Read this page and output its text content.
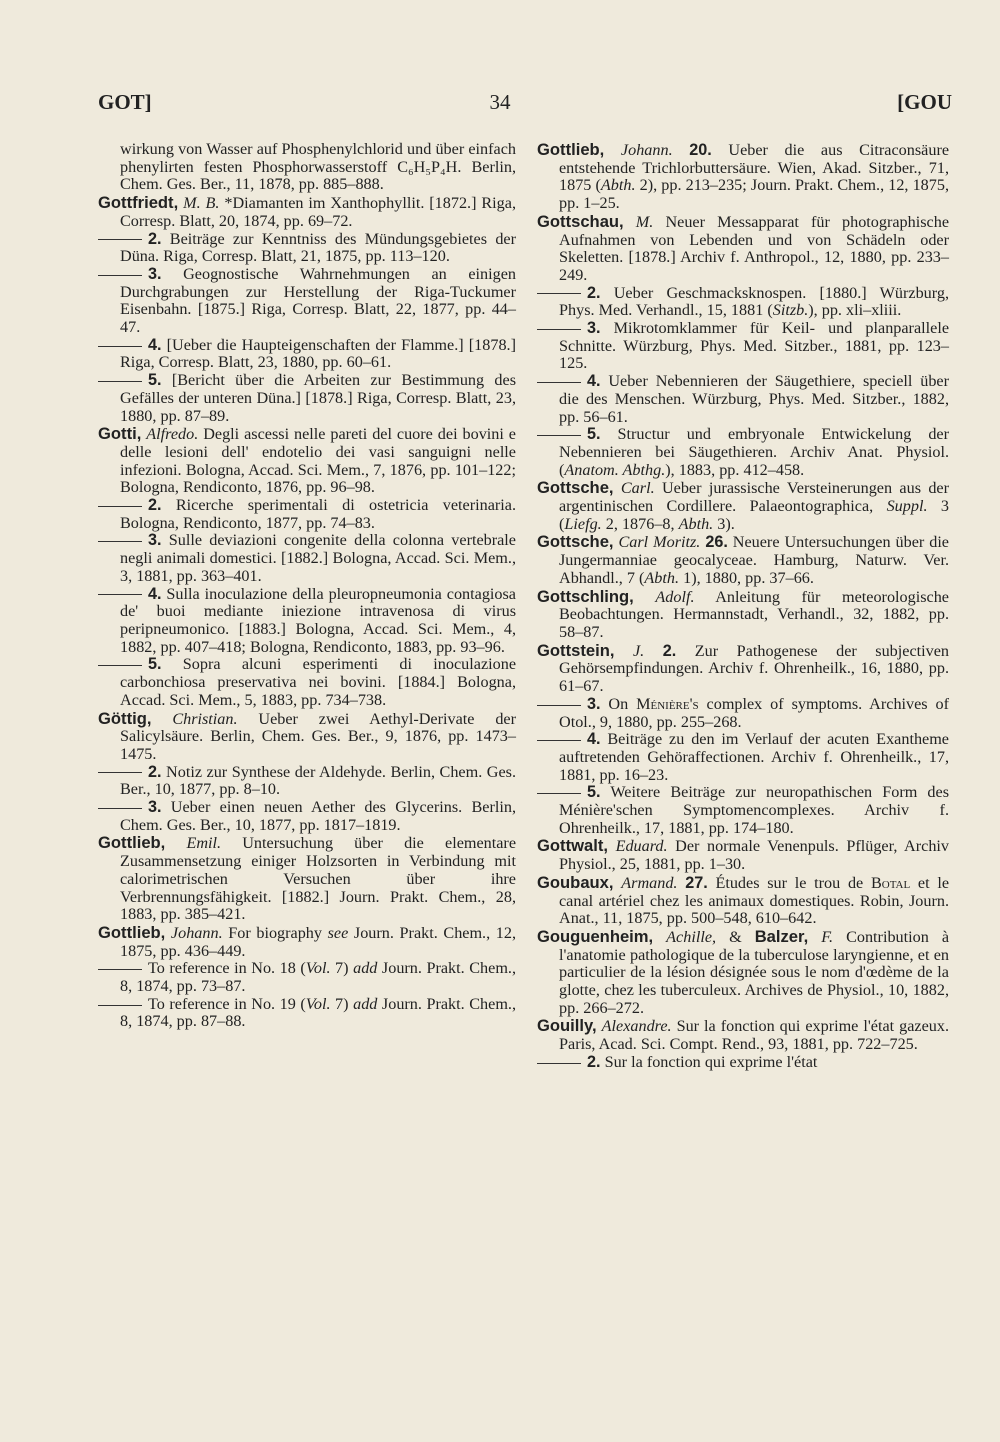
GOT]	34	[GOU

wirkung von Wasser auf Phosphenylchlorid und über einfach phenylirten festen Phosphorwasserstoff C₆H₅P₄H. Berlin, Chem. Ges. Ber., 11, 1878, pp. 885–888.

Gottfriedt, M. B. *Diamanten im Xanthophyllit. [1872.] Riga, Corresp. Blatt, 20, 1874, pp. 69–72.

2. Beiträge zur Kenntniss des Mündungsgebietes der Düna. Riga, Corresp. Blatt, 21, 1875, pp. 113–120.

3. Geognostische Wahrnehmungen an einigen Durchgrabungen zur Herstellung der Riga-Tuckumer Eisenbahn. [1875.] Riga, Corresp. Blatt, 22, 1877, pp. 44–47.

4. [Ueber die Haupteigenschaften der Flamme.] [1878.] Riga, Corresp. Blatt, 23, 1880, pp. 60–61.

5. [Bericht über die Arbeiten zur Bestimmung des Gefälles der unteren Düna.] [1878.] Riga, Corresp. Blatt, 23, 1880, pp. 87–89.

Gotti, Alfredo. Degli ascessi nelle pareti del cuore dei bovini e delle lesioni dell' endotelio dei vasi sanguigni nelle infezioni. Bologna, Accad. Sci. Mem., 7, 1876, pp. 101–122; Bologna, Rendiconto, 1876, pp. 96–98.

2. Ricerche sperimentali di ostetricia veterinaria. Bologna, Rendiconto, 1877, pp. 74–83.

3. Sulle deviazioni congenite della colonna vertebrale negli animali domestici. [1882.] Bologna, Accad. Sci. Mem., 3, 1881, pp. 363–401.

4. Sulla inoculazione della pleuropneumonia contagiosa de' buoi mediante iniezione intravenosa di virus peripneumonico. [1883.] Bologna, Accad. Sci. Mem., 4, 1882, pp. 407–418; Bologna, Rendiconto, 1883, pp. 93–96.

5. Sopra alcuni esperimenti di inoculazione carbonchiosa preservativa nei bovini. [1884.] Bologna, Accad. Sci. Mem., 5, 1883, pp. 734–738.

Göttig, Christian. Ueber zwei Aethyl-Derivate der Salicylsäure. Berlin, Chem. Ges. Ber., 9, 1876, pp. 1473–1475.

2. Notiz zur Synthese der Aldehyde. Berlin, Chem. Ges. Ber., 10, 1877, pp. 8–10.

3. Ueber einen neuen Aether des Glycerins. Berlin, Chem. Ges. Ber., 10, 1877, pp. 1817–1819.

Gottlieb, Emil. Untersuchung über die elementare Zusammensetzung einiger Holzsorten in Verbindung mit calorimetrischen Versuchen über ihre Verbrennungsfähigkeit. [1882.] Journ. Prakt. Chem., 28, 1883, pp. 385–421.

Gottlieb, Johann. For biography see Journ. Prakt. Chem., 12, 1875, pp. 436–449.

To reference in No. 18 (Vol. 7) add Journ. Prakt. Chem., 8, 1874, pp. 73–87.

To reference in No. 19 (Vol. 7) add Journ. Prakt. Chem., 8, 1874, pp. 87–88.

Gottlieb, Johann. 20. Ueber die aus Citraconsäure entstehende Trichlorbuttersäure. Wien, Akad. Sitzber., 71, 1875 (Abth. 2), pp. 213–235; Journ. Prakt. Chem., 12, 1875, pp. 1–25.

Gottschau, M. Neuer Messapparat für photographische Aufnahmen von Lebenden und von Schädeln oder Skeletten. [1878.] Archiv f. Anthropol., 12, 1880, pp. 233–249.

2. Ueber Geschmacksknospen. [1880.] Würzburg, Phys. Med. Verhandl., 15, 1881 (Sitzb.), pp. xli–xliii.

3. Mikrotomklammer für Keil- und planparallele Schnitte. Würzburg, Phys. Med. Sitzber., 1881, pp. 123–125.

4. Ueber Nebennieren der Säugethiere, speciell über die des Menschen. Würzburg, Phys. Med. Sitzber., 1882, pp. 56–61.

5. Structur und embryonale Entwickelung der Nebennieren bei Säugethieren. Archiv Anat. Physiol. (Anatom. Abthg.), 1883, pp. 412–458.

Gottsche, Carl. Ueber jurassische Versteinerungen aus der argentinischen Cordillere. Palaeontographica, Suppl. 3 (Liefg. 2, 1876–8, Abth. 3).

Gottsche, Carl Moritz. 26. Neuere Untersuchungen über die Jungermanniae geocalyceae. Hamburg, Naturw. Ver. Abhandl., 7 (Abth. 1), 1880, pp. 37–66.

Gottschling, Adolf. Anleitung für meteorologische Beobachtungen. Hermannstadt, Verhandl., 32, 1882, pp. 58–87.

Gottstein, J. 2. Zur Pathogenese der subjectiven Gehörsempfindungen. Archiv f. Ohrenheilk., 16, 1880, pp. 61–67.

3. On Ménière's complex of symptoms. Archives of Otol., 9, 1880, pp. 255–268.

4. Beiträge zu den im Verlauf der acuten Exantheme auftretenden Gehöraffectionen. Archiv f. Ohrenheilk., 17, 1881, pp. 16–23.

5. Weitere Beiträge zur neuropathischen Form des Ménière'schen Symptomencomplexes. Archiv f. Ohrenheilk., 17, 1881, pp. 174–180.

Gottwalt, Eduard. Der normale Venenpuls. Pflüger, Archiv Physiol., 25, 1881, pp. 1–30.

Goubaux, Armand. 27. Études sur le trou de Botal et le canal artériel chez les animaux domestiques. Robin, Journ. Anat., 11, 1875, pp. 500–548, 610–642.

Gouguenheim, Achille, & Balzer, F. Contribution à l'anatomie pathologique de la tuberculose laryngienne, et en particulier de la lésion désignée sous le nom d'œdème de la glotte, chez les tuberculeux. Archives de Physiol., 10, 1882, pp. 266–272.

Gouilly, Alexandre. Sur la fonction qui exprime l'état gazeux. Paris, Acad. Sci. Compt. Rend., 93, 1881, pp. 722–725.

2. Sur la fonction qui exprime l'état
